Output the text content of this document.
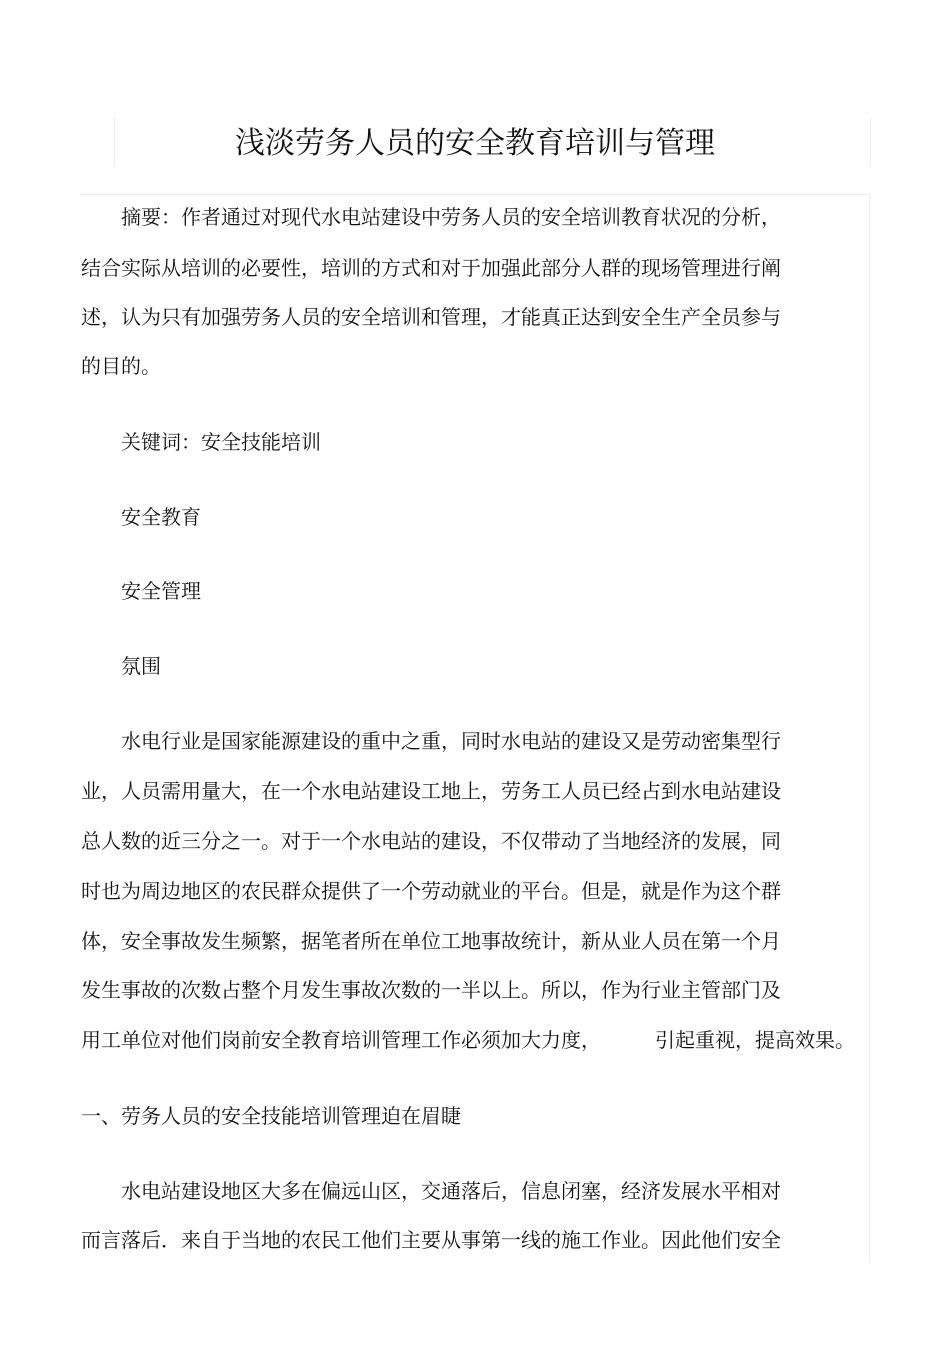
浅淡劳务人员的安全教育培训与管理
摘要：作者通过对现代水电站建设中劳务人员的安全培训教育状况的分析，
结合实际从培训的必要性，培训的方式和对于加强此部分人群的现场管理进行阐
述，认为只有加强劳务人员的安全培训和管理，才能真正达到安全生产全员参与
的目的。
关键词：安全技能培训
安全教育
安全管理
氛围
水电行业是国家能源建设的重中之重，同时水电站的建设又是劳动密集型行
业，人员需用量大，在一个水电站建设工地上，劳务工人员已经占到水电站建设
总人数的近三分之一。对于一个水电站的建设，不仅带动了当地经济的发展，同
时也为周边地区的农民群众提供了一个劳动就业的平台。但是，就是作为这个群
体，安全事故发生频繁，据笔者所在单位工地事故统计，新从业人员在第一个月
发生事故的次数占整个月发生事故次数的一半以上。所以，作为行业主管部门及
用工单位对他们岗前安全教育培训管理工作必须加大力度，	引起重视，提高效果。
一、劳务人员的安全技能培训管理迫在眉睫
水电站建设地区大多在偏远山区，交通落后，信息闭塞，经济发展水平相对
而言落后．来自于当地的农民工他们主要从事第一线的施工作业。因此他们安全
